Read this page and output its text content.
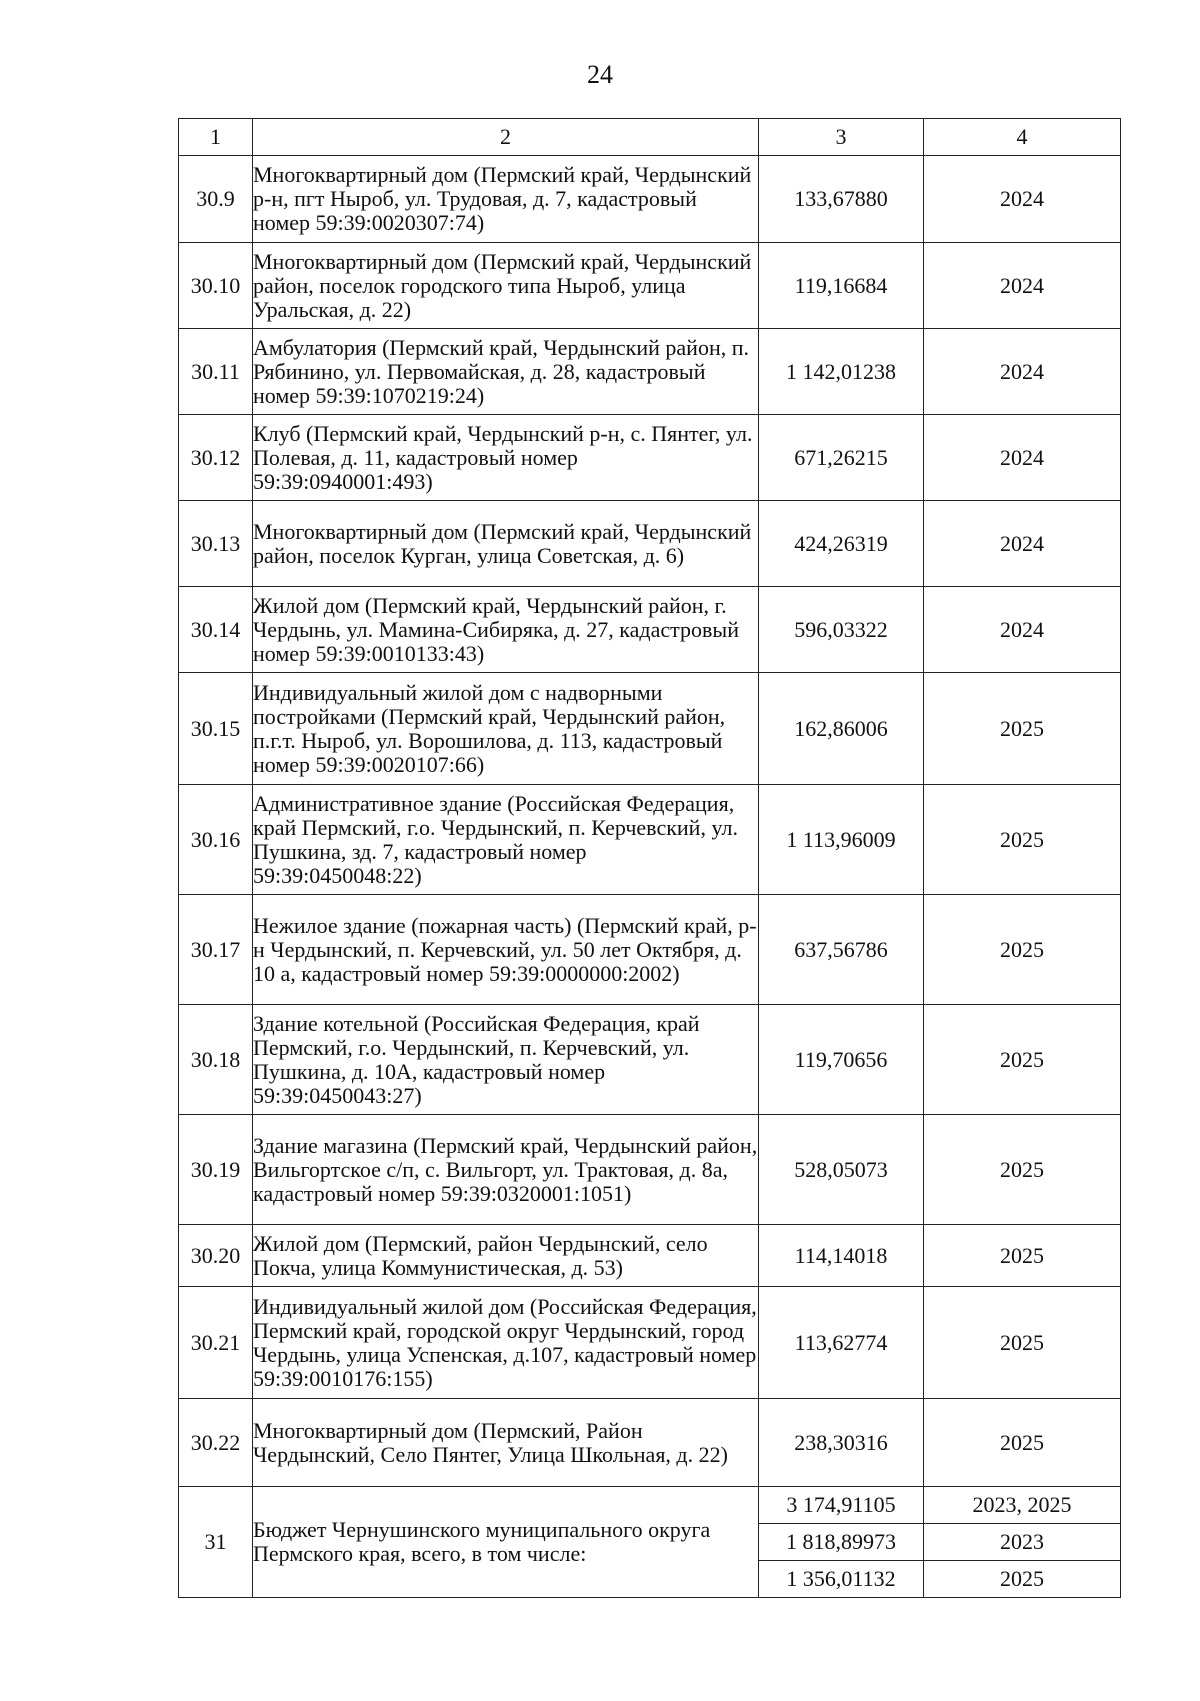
24
1	2	3	4
30.9	Многоквартирный дом (Пермский край, Чердынский р-н, пгт Ныроб, ул. Трудовая, д. 7, кадастровый номер 59:39:0020307:74)	133,67880	2024
30.10	Многоквартирный дом (Пермский край, Чердынский район, поселок городского типа Ныроб, улица Уральская, д. 22)	119,16684	2024
30.11	Амбулатория (Пермский край, Чердынский район, п. Рябинино, ул. Первомайская, д. 28, кадастровый номер 59:39:1070219:24)	1 142,01238	2024
30.12	Клуб (Пермский край, Чердынский р-н, с. Пянтег, ул. Полевая, д. 11, кадастровый номер 59:39:0940001:493)	671,26215	2024
30.13	Многоквартирный дом (Пермский край, Чердынский район, поселок Курган, улица Советская, д. 6)	424,26319	2024
30.14	Жилой дом (Пермский край, Чердынский район, г. Чердынь, ул. Мамина-Сибиряка, д. 27, кадастровый номер 59:39:0010133:43)	596,03322	2024
30.15	Индивидуальный жилой дом с надворными постройками (Пермский край, Чердынский район, п.г.т. Ныроб, ул. Ворошилова, д. 113, кадастровый номер 59:39:0020107:66)	162,86006	2025
30.16	Административное здание (Российская Федерация, край Пермский, г.о. Чердынский, п. Керчевский, ул. Пушкина, зд. 7, кадастровый номер 59:39:0450048:22)	1 113,96009	2025
30.17	Нежилое здание (пожарная часть) (Пермский край, р-н Чердынский, п. Керчевский, ул. 50 лет Октября, д. 10 а, кадастровый номер 59:39:0000000:2002)	637,56786	2025
30.18	Здание котельной (Российская Федерация, край Пермский, г.о. Чердынский, п. Керчевский, ул. Пушкина, д. 10А, кадастровый номер 59:39:0450043:27)	119,70656	2025
30.19	Здание магазина (Пермский край, Чердынский район, Вильгортское с/п, с. Вильгорт, ул. Трактовая, д. 8а, кадастровый номер 59:39:0320001:1051)	528,05073	2025
30.20	Жилой дом (Пермский, район Чердынский, село Покча, улица Коммунистическая, д. 53)	114,14018	2025
30.21	Индивидуальный жилой дом (Российская Федерация, Пермский край, городской округ Чердынский, город Чердынь, улица Успенская, д.107, кадастровый номер 59:39:0010176:155)	113,62774	2025
30.22	Многоквартирный дом (Пермский, Район Чердынский, Село Пянтег, Улица Школьная, д. 22)	238,30316	2025
31	Бюджет Чернушинского муниципального округа Пермского края, всего, в том числе:	3 174,91105	2023, 2025
		1 818,89973	2023
		1 356,01132	2025
